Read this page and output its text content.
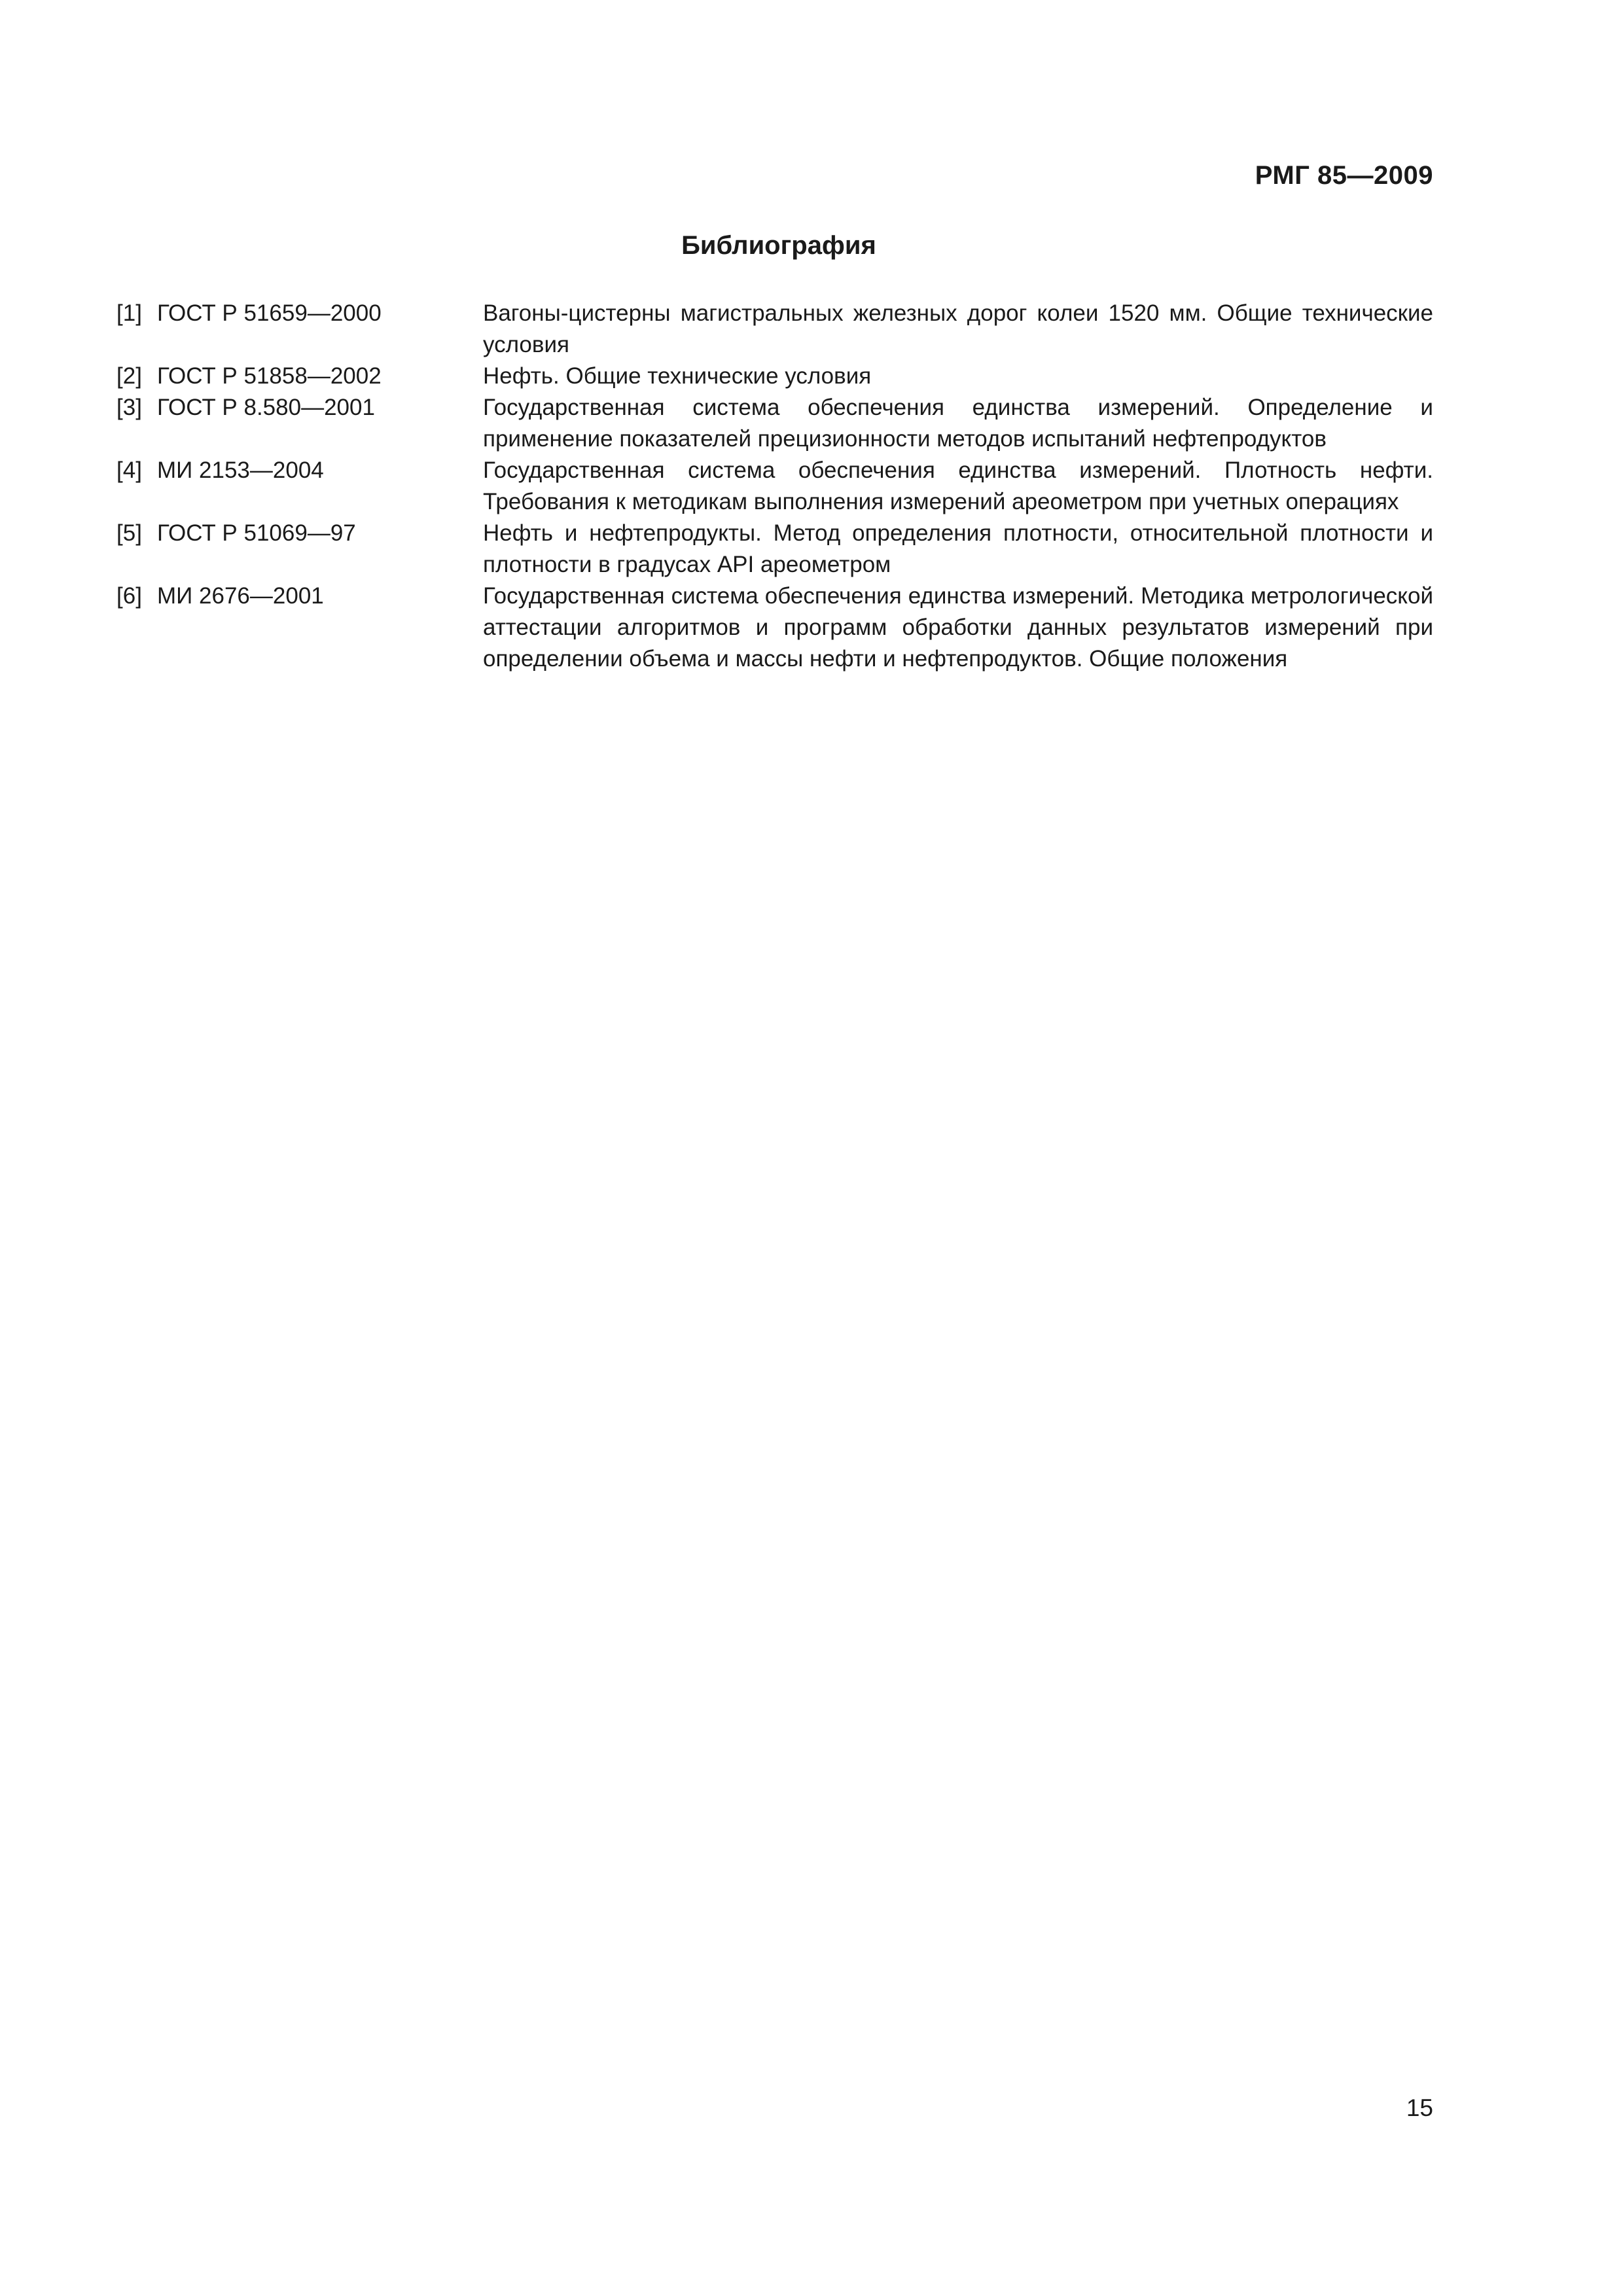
РМГ 85—2009
Библиография
[1] ГОСТ Р 51659—2000	Вагоны-цистерны магистральных железных дорог колеи 1520 мм. Общие технические условия
[2] ГОСТ Р 51858—2002	Нефть. Общие технические условия
[3] ГОСТ Р 8.580—2001	Государственная система обеспечения единства измерений. Определение и применение показателей прецизионности методов испытаний нефтепродуктов
[4] МИ 2153—2004	Государственная система обеспечения единства измерений. Плотность нефти. Требования к методикам выполнения измерений ареометром при учетных операциях
[5] ГОСТ Р 51069—97	Нефть и нефтепродукты. Метод определения плотности, относительной плотности и плотности в градусах API ареометром
[6] МИ 2676—2001	Государственная система обеспечения единства измерений. Методика метрологической аттестации алгоритмов и программ обработки данных результатов измерений при определении объема и массы нефти и нефтепродуктов. Общие положения
15
